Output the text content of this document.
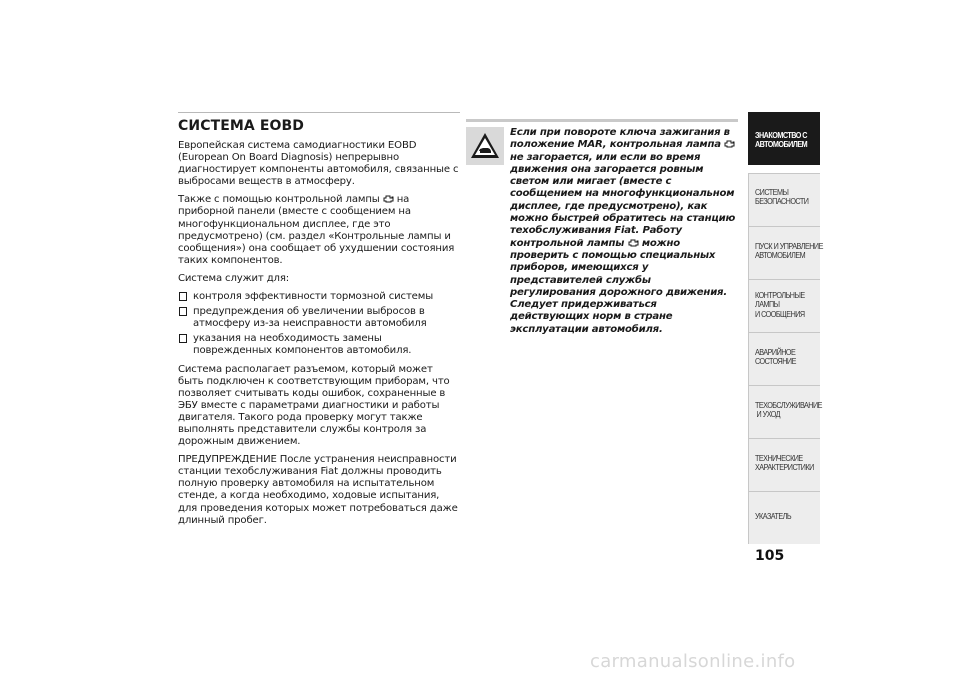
СИСТЕМА EOBD

Европейская система самодиагностики EOBD (European On Board Diagnosis) непрерывно диагностирует компоненты автомобиля, связанные с выбросами веществ в атмосферу.

Также с помощью контрольной лампы  на приборной панели (вместе с сообщением на многофункциональном дисплее, где это предусмотрено) (см. раздел «Контрольные лампы и сообщения») она сообщает об ухудшении состояния таких компонентов.

Система служит для:

контроля эффективности тормозной системы
предупреждения об увеличении выбросов в атмосферу из-за неисправности автомобиля
указания на необходимость замены поврежденных компонентов автомобиля.

Система располагает разъемом, который может быть подключен к соответствующим приборам, что позволяет считывать коды ошибок, сохраненные в ЭБУ вместе с параметрами диагностики и работы двигателя. Такого рода проверку могут также выполнять представители службы контроля за дорожным движением.

ПРЕДУПРЕЖДЕНИЕ После устранения неисправности станции техобслуживания Fiat должны проводить полную проверку автомобиля на испытательном стенде, а когда необходимо, ходовые испытания, для проведения которых может потребоваться даже длинный пробег.

Если при повороте ключа зажигания в положение MAR, контрольная лампа  не загорается, или если во время движения она загорается ровным светом или мигает (вместе с сообщением на многофункциональном дисплее, где предусмотрено), как можно быстрей обратитесь на станцию техобслуживания Fiat. Работу контрольной лампы  можно проверить с помощью специальных приборов, имеющихся у представителей службы регулирования дорожного движения. Следует придерживаться действующих норм в стране эксплуатации автомобиля.
ЗНАКОМСТВО С
АВТОМОБИЛЕМ
СИСТЕМЫ
БЕЗОПАСНОСТИ
ПУСК И УПРАВЛЕНИЕ
АВТОМОБИЛЕМ
КОНТРОЛЬНЫЕ
ЛАМПЫ
И СООБЩЕНИЯ
АВАРИЙНОЕ
СОСТОЯНИЕ
ТЕХОБСЛУЖИВАНИЕ
И УХОД
ТЕХНИЧЕСКИЕ
ХАРАКТЕРИСТИКИ
УКАЗАТЕЛЬ
105
carmanualsonline.info
